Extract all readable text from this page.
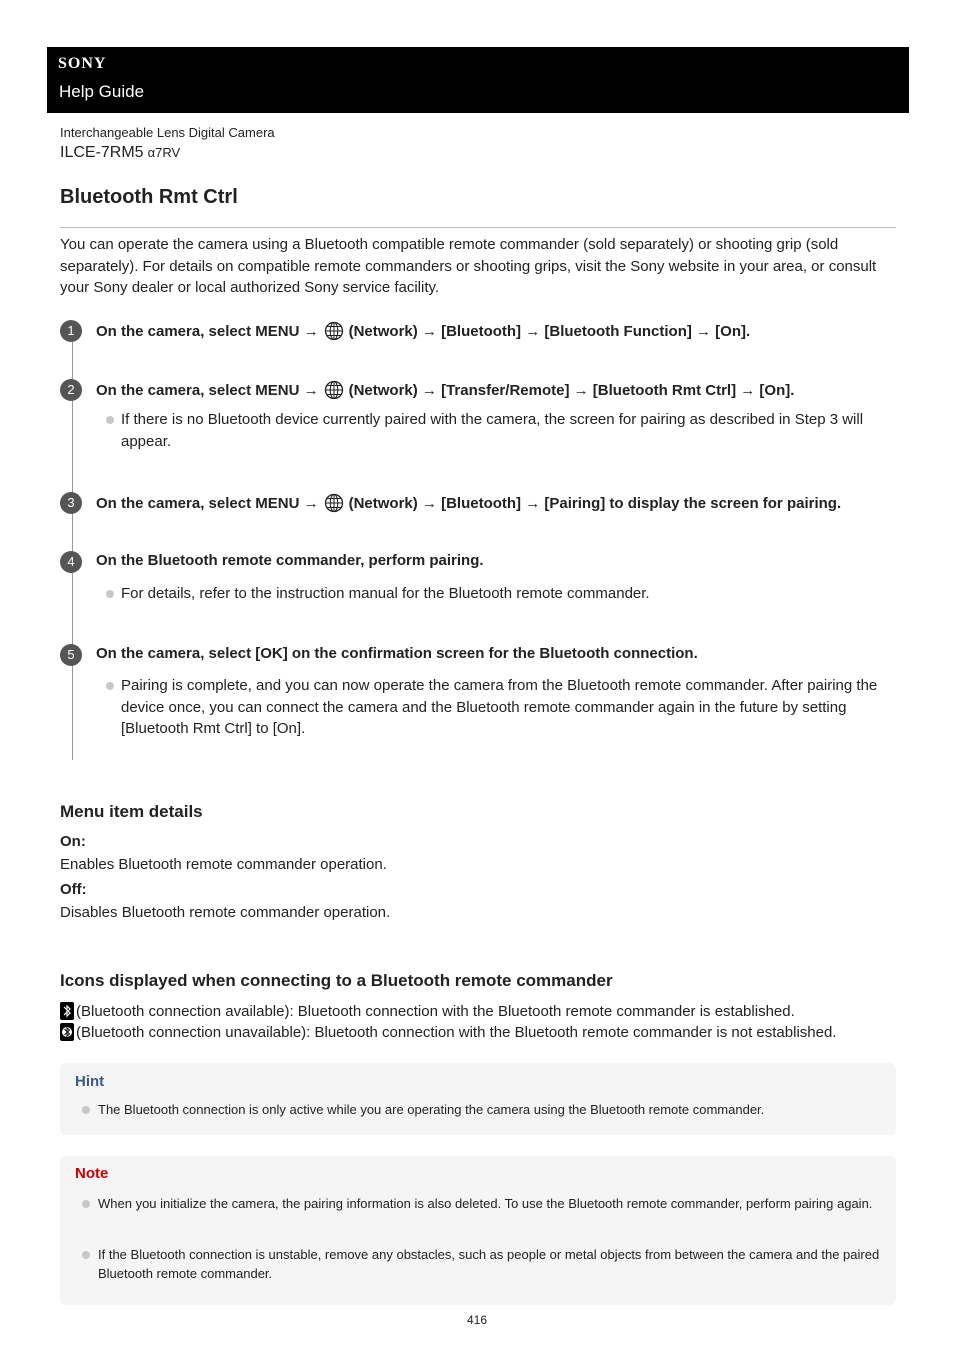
SONY
Help Guide
Interchangeable Lens Digital Camera
ILCE-7RM5 α7RV
Bluetooth Rmt Ctrl
You can operate the camera using a Bluetooth compatible remote commander (sold separately) or shooting grip (sold separately). For details on compatible remote commanders or shooting grips, visit the Sony website in your area, or consult your Sony dealer or local authorized Sony service facility.
1	On the camera, select MENU → (Network) → [Bluetooth] → [Bluetooth Function] → [On].
2	On the camera, select MENU → (Network) → [Transfer/Remote] → [Bluetooth Rmt Ctrl] → [On].
If there is no Bluetooth device currently paired with the camera, the screen for pairing as described in Step 3 will appear.
3	On the camera, select MENU → (Network) → [Bluetooth] → [Pairing] to display the screen for pairing.
4	On the Bluetooth remote commander, perform pairing.
For details, refer to the instruction manual for the Bluetooth remote commander.
5	On the camera, select [OK] on the confirmation screen for the Bluetooth connection.
Pairing is complete, and you can now operate the camera from the Bluetooth remote commander. After pairing the device once, you can connect the camera and the Bluetooth remote commander again in the future by setting [Bluetooth Rmt Ctrl] to [On].
Menu item details
On:
Enables Bluetooth remote commander operation.
Off:
Disables Bluetooth remote commander operation.
Icons displayed when connecting to a Bluetooth remote commander
(Bluetooth connection available): Bluetooth connection with the Bluetooth remote commander is established.
(Bluetooth connection unavailable): Bluetooth connection with the Bluetooth remote commander is not established.
Hint
The Bluetooth connection is only active while you are operating the camera using the Bluetooth remote commander.
Note
When you initialize the camera, the pairing information is also deleted. To use the Bluetooth remote commander, perform pairing again.
If the Bluetooth connection is unstable, remove any obstacles, such as people or metal objects from between the camera and the paired Bluetooth remote commander.
416
